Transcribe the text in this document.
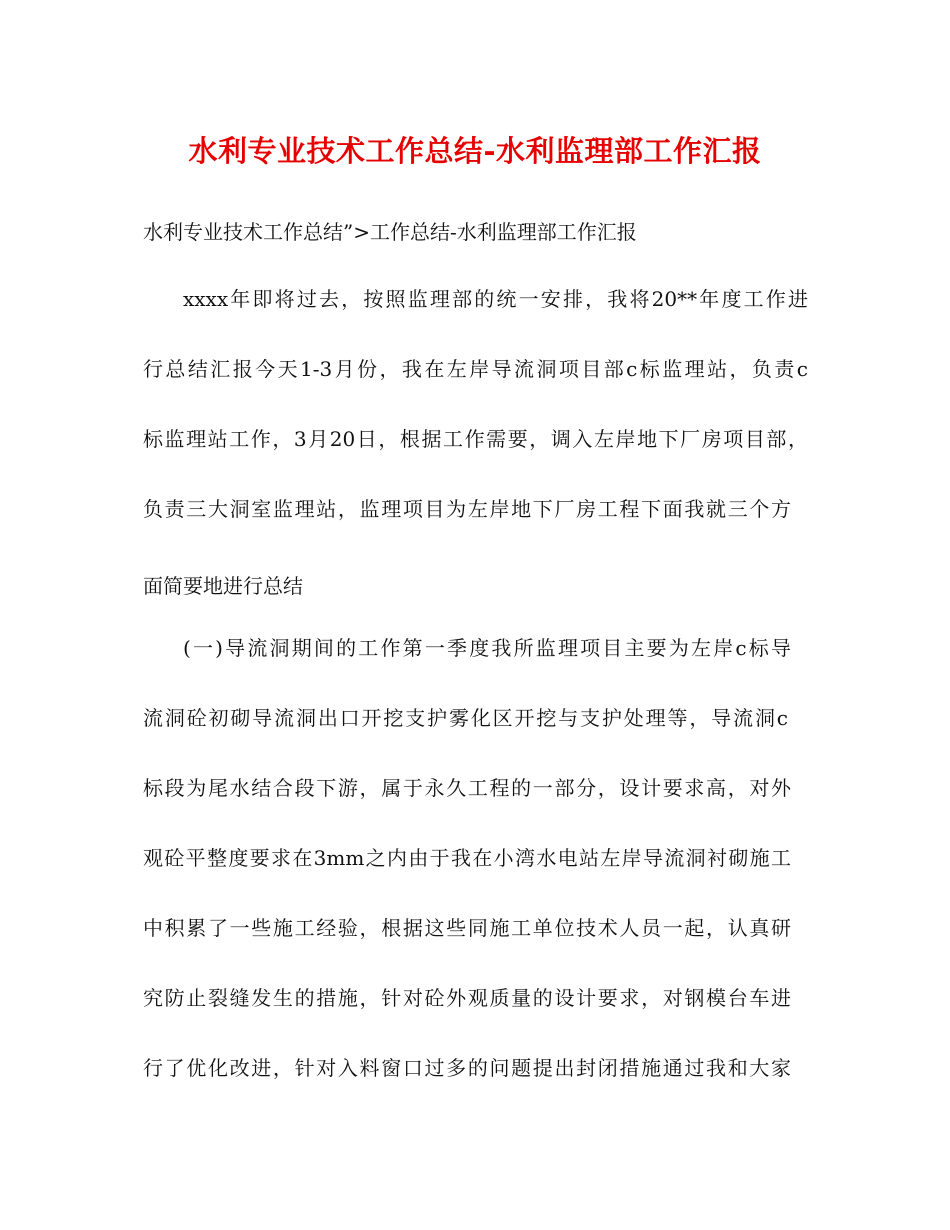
水利专业技术工作总结-水利监理部工作汇报
水利专业技术工作总结”>工作总结-水利监理部工作汇报
xxxx年即将过去，按照监理部的统一安排，我将20**年度工作进
行总结汇报今天1-3月份，我在左岸导流洞项目部c标监理站，负责c
标监理站工作，3月20日，根据工作需要，调入左岸地下厂房项目部，
负责三大洞室监理站，监理项目为左岸地下厂房工程下面我就三个方
面简要地进行总结
(一)导流洞期间的工作第一季度我所监理项目主要为左岸c标导
流洞砼初砌导流洞出口开挖支护雾化区开挖与支护处理等，导流洞c
标段为尾水结合段下游，属于永久工程的一部分，设计要求高，对外
观砼平整度要求在3mm之内由于我在小湾水电站左岸导流洞衬砌施工
中积累了一些施工经验，根据这些同施工单位技术人员一起，认真研
究防止裂缝发生的措施，针对砼外观质量的设计要求，对钢模台车进
行了优化改进，针对入料窗口过多的问题提出封闭措施通过我和大家
